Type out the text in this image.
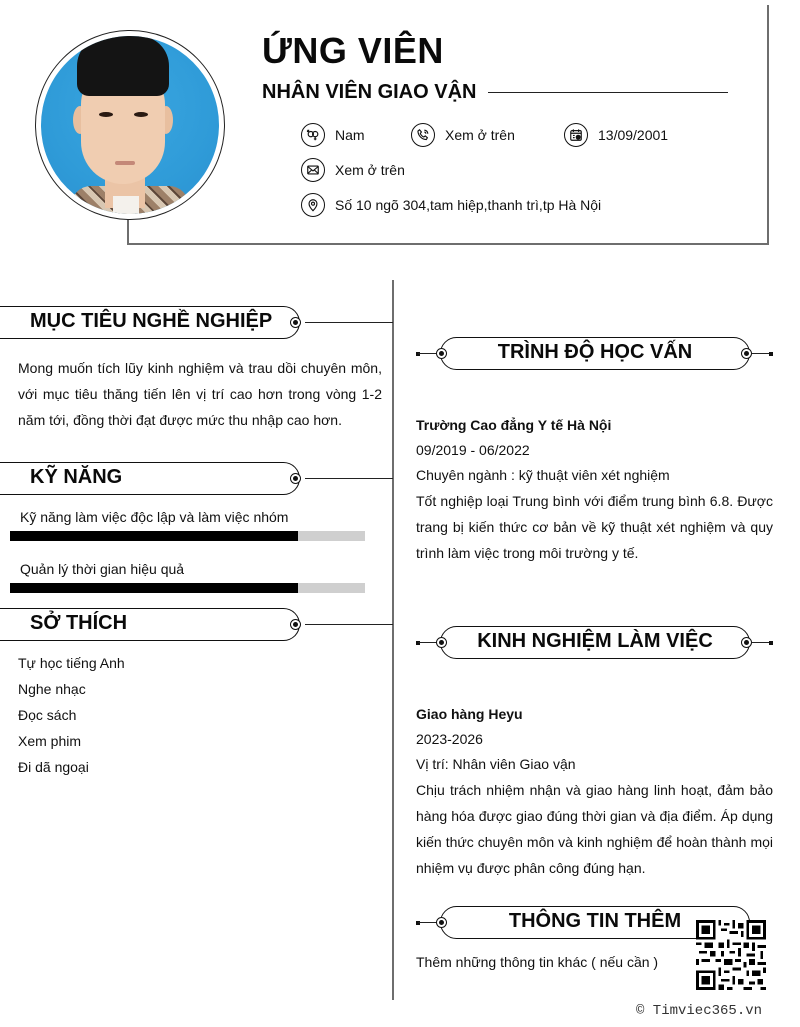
ỨNG VIÊN
NHÂN VIÊN GIAO VẬN
Nam	Xem ở trên	13/09/2001
Xem ở trên
Số 10 ngõ 304,tam hiệp,thanh trì,tp Hà Nội
MỤC TIÊU NGHỀ NGHIỆP
Mong muốn tích lũy kinh nghiệm và trau dồi chuyên môn, với mục tiêu thăng tiến lên vị trí cao hơn trong vòng 1-2 năm tới, đồng thời đạt được mức thu nhập cao hơn.
KỸ NĂNG
Kỹ năng làm việc độc lập và làm việc nhóm
Quản lý thời gian hiệu quả
SỞ THÍCH
Tự học tiếng Anh
Nghe nhạc
Đọc sách
Xem phim
Đi dã ngoại
TRÌNH ĐỘ HỌC VẤN
Trường Cao đẳng Y tế Hà Nội
09/2019 - 06/2022
Chuyên ngành : kỹ thuật viên xét nghiệm
Tốt nghiệp loại Trung bình với điểm trung bình 6.8. Được trang bị kiến thức cơ bản về kỹ thuật xét nghiệm và quy trình làm việc trong môi trường y tế.
KINH NGHIỆM LÀM VIỆC
Giao hàng Heyu
2023-2026
Vị trí: Nhân viên Giao vận
Chịu trách nhiệm nhận và giao hàng linh hoạt, đảm bảo hàng hóa được giao đúng thời gian và địa điểm. Áp dụng kiến thức chuyên môn và kinh nghiệm để hoàn thành mọi nhiệm vụ được phân công đúng hạn.
THÔNG TIN THÊM
Thêm những thông tin khác ( nếu cần )
© Timviec365.vn
